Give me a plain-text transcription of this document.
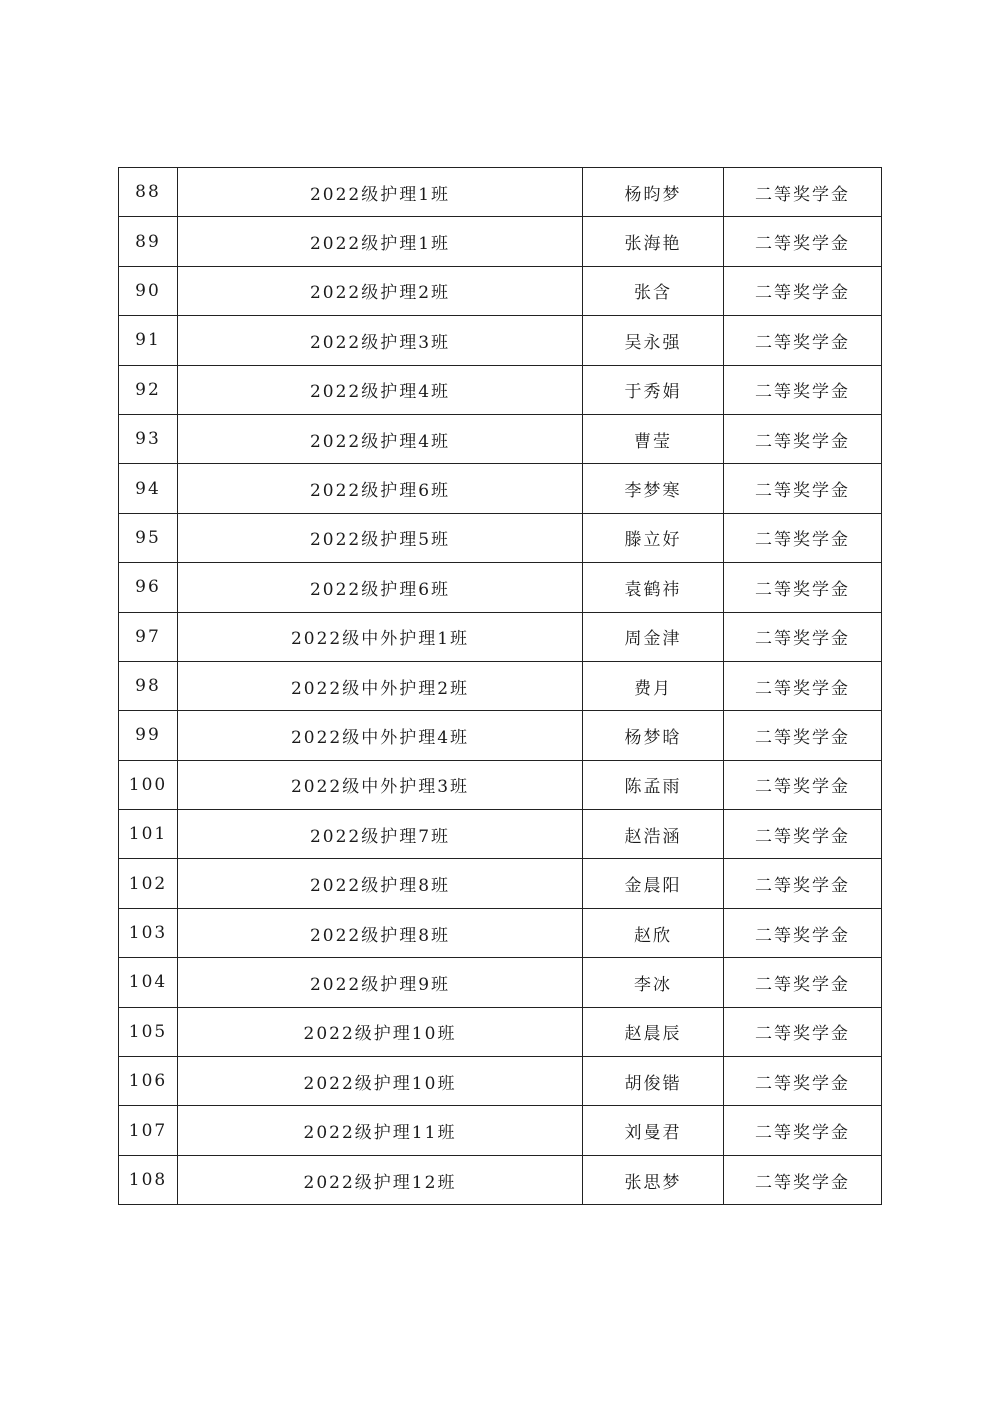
88	2022级护理1班	杨昀梦	二等奖学金
89	2022级护理1班	张海艳	二等奖学金
90	2022级护理2班	张含	二等奖学金
91	2022级护理3班	吴永强	二等奖学金
92	2022级护理4班	于秀娟	二等奖学金
93	2022级护理4班	曹莹	二等奖学金
94	2022级护理6班	李梦寒	二等奖学金
95	2022级护理5班	滕立好	二等奖学金
96	2022级护理6班	袁鹤祎	二等奖学金
97	2022级中外护理1班	周金津	二等奖学金
98	2022级中外护理2班	费月	二等奖学金
99	2022级中外护理4班	杨梦晗	二等奖学金
100	2022级中外护理3班	陈孟雨	二等奖学金
101	2022级护理7班	赵浩涵	二等奖学金
102	2022级护理8班	金晨阳	二等奖学金
103	2022级护理8班	赵欣	二等奖学金
104	2022级护理9班	李冰	二等奖学金
105	2022级护理10班	赵晨辰	二等奖学金
106	2022级护理10班	胡俊锴	二等奖学金
107	2022级护理11班	刘曼君	二等奖学金
108	2022级护理12班	张思梦	二等奖学金
